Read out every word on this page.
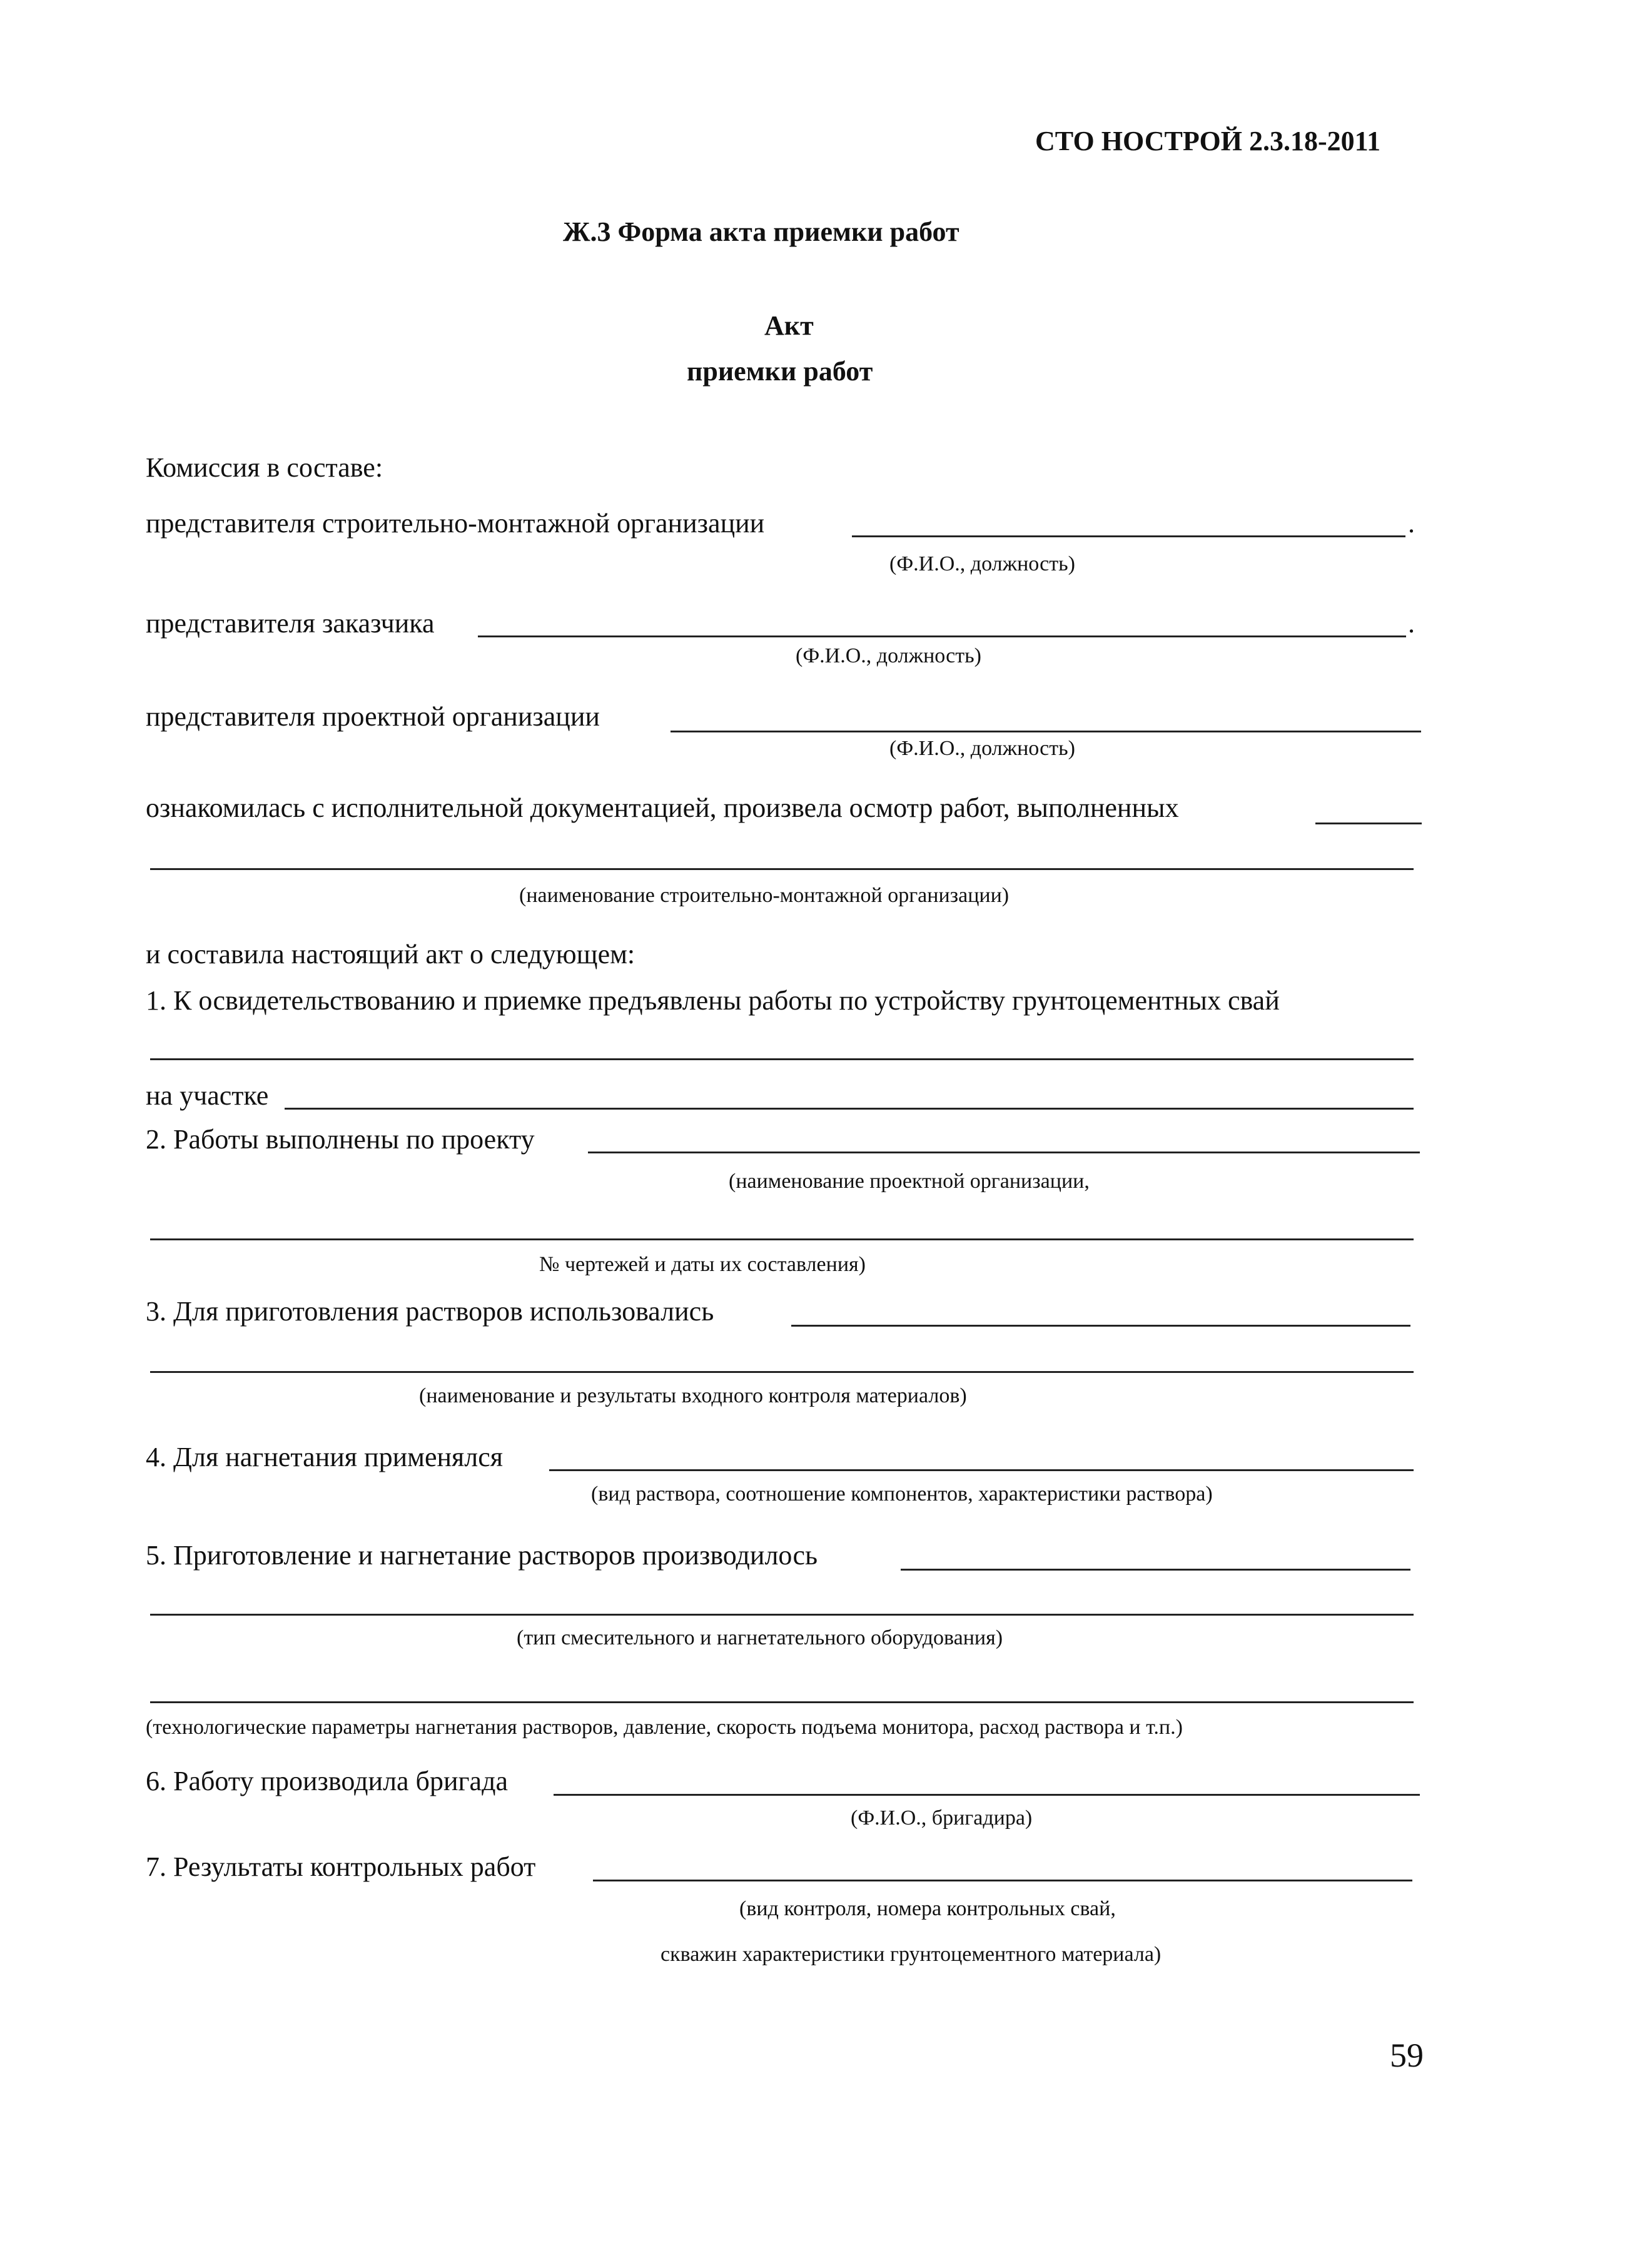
СТО НОСТРОЙ 2.3.18-2011
Ж.3 Форма акта приемки работ
Акт
приемки работ
Комиссия в составе:
представителя строительно-монтажной организации	.
(Ф.И.О., должность)
представителя заказчика	.
(Ф.И.О., должность)
представителя проектной организации
(Ф.И.О., должность)
ознакомилась с исполнительной документацией, произвела осмотр работ, выполненных
(наименование строительно-монтажной организации)
и составила настоящий акт о следующем:
1. К освидетельствованию и приемке предъявлены работы по устройству грунтоцементных свай
на участке
2. Работы выполнены по проекту
(наименование проектной организации,
№ чертежей и даты их составления)
3. Для приготовления растворов использовались
(наименование и результаты входного контроля материалов)
4. Для нагнетания применялся
(вид раствора, соотношение компонентов, характеристики раствора)
5. Приготовление и нагнетание растворов производилось
(тип смесительного и нагнетательного оборудования)
(технологические параметры нагнетания растворов, давление, скорость подъема монитора, расход раствора и т.п.)
6. Работу производила бригада
(Ф.И.О., бригадира)
7. Результаты контрольных работ
(вид контроля, номера контрольных свай,
скважин характеристики грунтоцементного материала)
59
